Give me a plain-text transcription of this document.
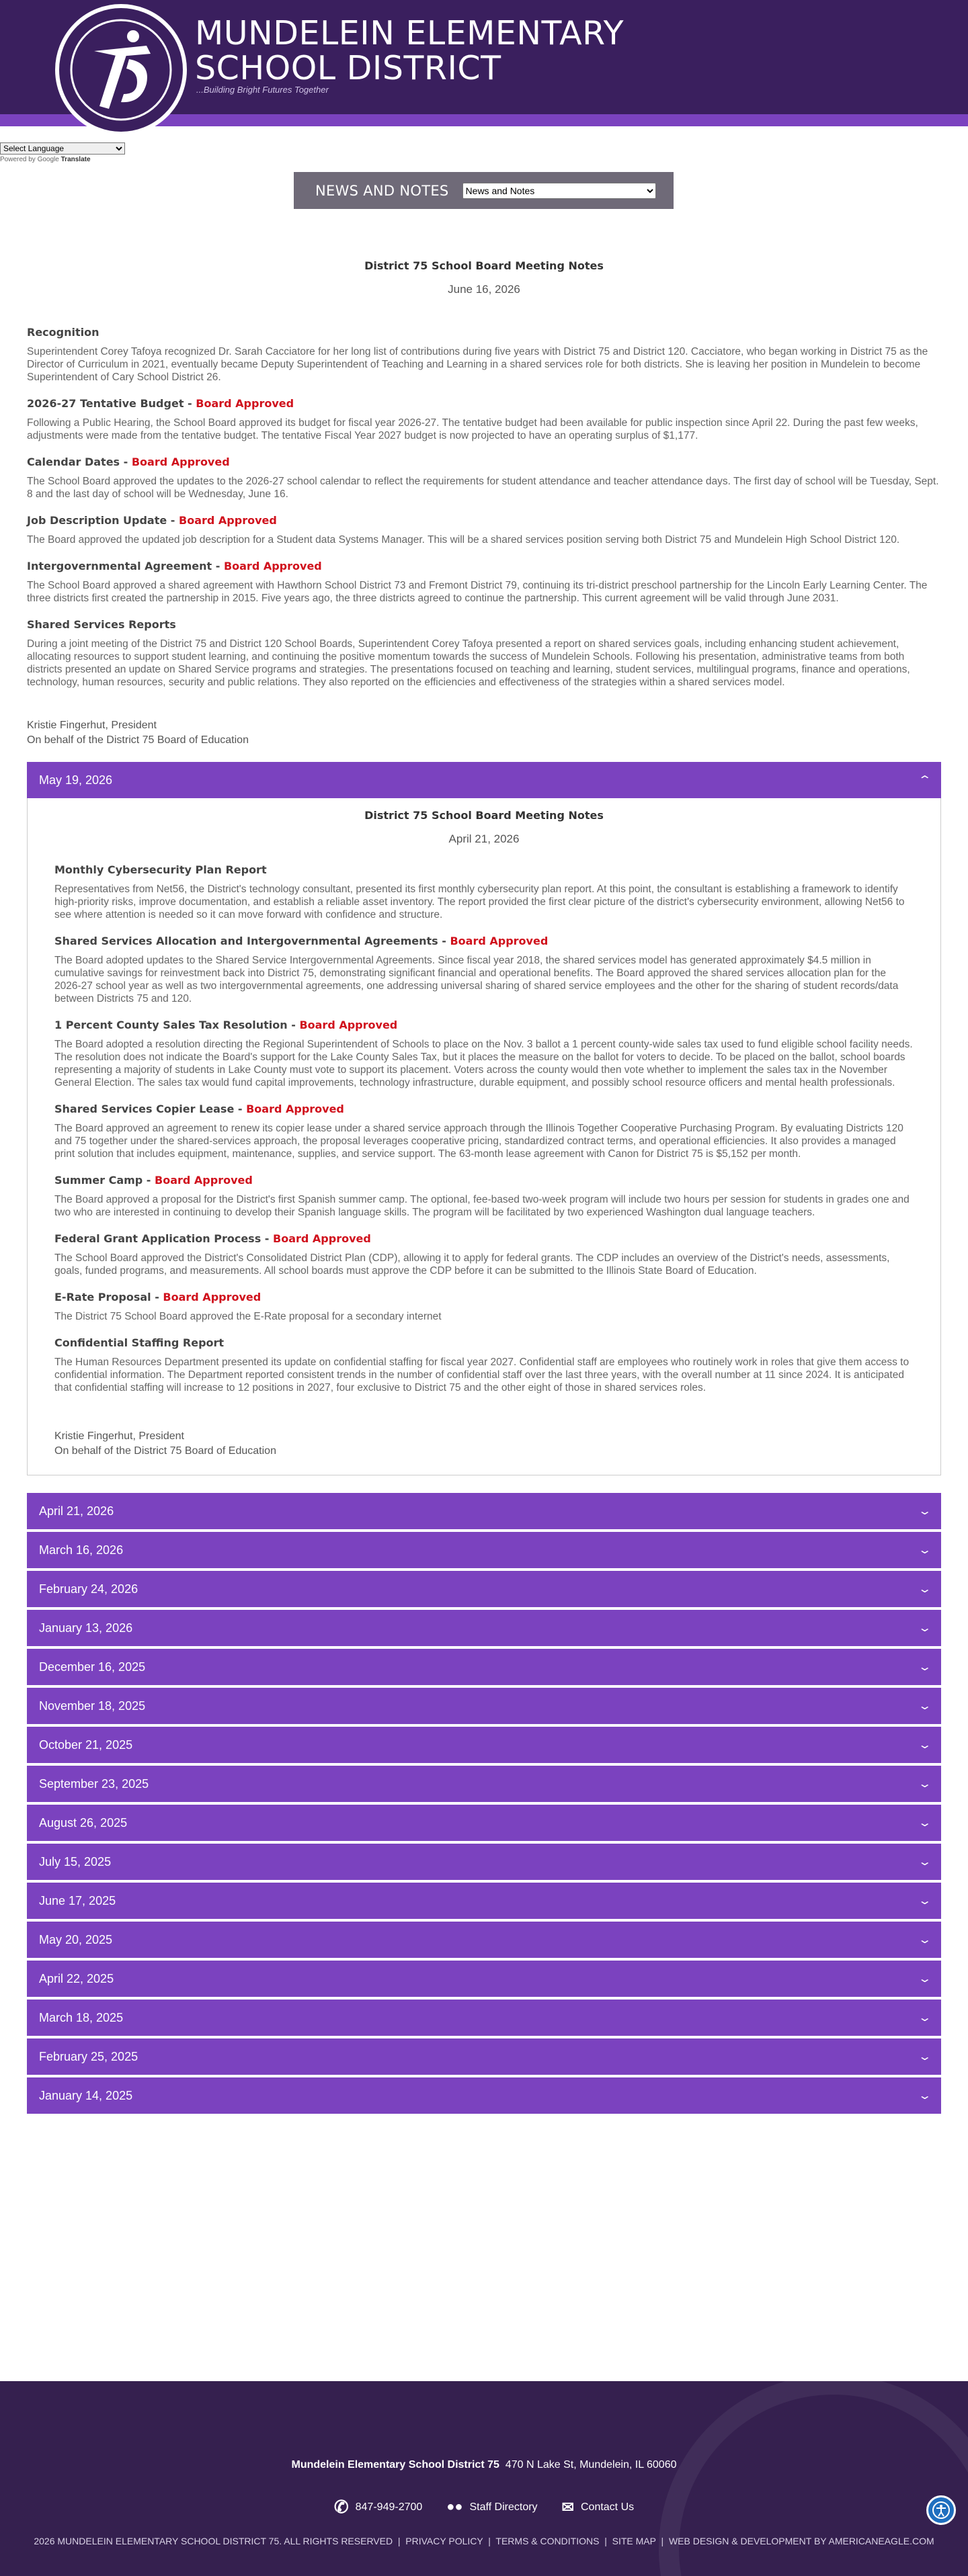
MUNDELEIN ELEMENTARY
SCHOOL DISTRICT
...Building Bright Futures Together
Select Language
Powered by Google Translate
NEWS AND NOTES
News and Notes
District 75 School Board Meeting Notes
June 16, 2026
Recognition

Superintendent Corey Tafoya recognized Dr. Sarah Cacciatore for her long list of contributions during five years with District 75 and District 120. Cacciatore, who began working in District 75 as the Director of Curriculum in 2021, eventually became Deputy Superintendent of Teaching and Learning in a shared services role for both districts. She is leaving her position in Mundelein to become Superintendent of Cary School District 26.

2026-27 Tentative Budget - Board Approved

Following a Public Hearing, the School Board approved its budget for fiscal year 2026-27. The tentative budget had been available for public inspection since April 22. During the past few weeks, adjustments were made from the tentative budget. The tentative Fiscal Year 2027 budget is now projected to have an operating surplus of $1,177.

Calendar Dates - Board Approved

The School Board approved the updates to the 2026-27 school calendar to reflect the requirements for student attendance and teacher attendance days. The first day of school will be Tuesday, Sept. 8 and the last day of school will be Wednesday, June 16.

Job Description Update - Board Approved

The Board approved the updated job description for a Student data Systems Manager. This will be a shared services position serving both District 75 and Mundelein High School District 120.

Intergovernmental Agreement - Board Approved

The School Board approved a shared agreement with Hawthorn School District 73 and Fremont District 79, continuing its tri-district preschool partnership for the Lincoln Early Learning Center. The three districts first created the partnership in 2015. Five years ago, the three districts agreed to continue the partnership. This current agreement will be valid through June 2031.

Shared Services Reports

During a joint meeting of the District 75 and District 120 School Boards, Superintendent Corey Tafoya presented a report on shared services goals, including enhancing student achievement, allocating resources to support student learning, and continuing the positive momentum towards the success of Mundelein Schools. Following his presentation, administrative teams from both districts presented an update on Shared Service programs and strategies. The presentations focused on teaching and learning, student services, multilingual programs, finance and operations, technology, human resources, security and public relations. They also reported on the efficiencies and effectiveness of the strategies within a shared services model.

Kristie Fingerhut, President
On behalf of the District 75 Board of Education
May 19, 2026	⌃
District 75 School Board Meeting Notes
April 21, 2026
Monthly Cybersecurity Plan Report

Representatives from Net56, the District's technology consultant, presented its first monthly cybersecurity plan report. At this point, the consultant is establishing a framework to identify high-priority risks, improve documentation, and establish a reliable asset inventory. The report provided the first clear picture of the district's cybersecurity environment, allowing Net56 to see where attention is needed so it can move forward with confidence and structure.

Shared Services Allocation and Intergovernmental Agreements - Board Approved

The Board adopted updates to the Shared Service Intergovernmental Agreements. Since fiscal year 2018, the shared services model has generated approximately $4.5 million in cumulative savings for reinvestment back into District 75, demonstrating significant financial and operational benefits. The Board approved the shared services allocation plan for the 2026-27 school year as well as two intergovernmental agreements, one addressing universal sharing of shared service employees and the other for the sharing of student records/data between Districts 75 and 120.

1 Percent County Sales Tax Resolution - Board Approved

The Board adopted a resolution directing the Regional Superintendent of Schools to place on the Nov. 3 ballot a 1 percent county-wide sales tax used to fund eligible school facility needs. The resolution does not indicate the Board's support for the Lake County Sales Tax, but it places the measure on the ballot for voters to decide. To be placed on the ballot, school boards representing a majority of students in Lake County must vote to support its placement. Voters across the county would then vote whether to implement the sales tax in the November General Election. The sales tax would fund capital improvements, technology infrastructure, durable equipment, and possibly school resource officers and mental health professionals.

Shared Services Copier Lease - Board Approved

The Board approved an agreement to renew its copier lease under a shared service approach through the Illinois Together Cooperative Purchasing Program. By evaluating Districts 120 and 75 together under the shared-services approach, the proposal leverages cooperative pricing, standardized contract terms, and operational efficiencies. It also provides a managed print solution that includes equipment, maintenance, supplies, and service support. The 63-month lease agreement with Canon for District 75 is $5,152 per month.

Summer Camp - Board Approved

The Board approved a proposal for the District's first Spanish summer camp. The optional, fee-based two-week program will include two hours per session for students in grades one and two who are interested in continuing to develop their Spanish language skills. The program will be facilitated by two experienced Washington dual language teachers.

Federal Grant Application Process - Board Approved

The School Board approved the District's Consolidated District Plan (CDP), allowing it to apply for federal grants. The CDP includes an overview of the District's needs, assessments, goals, funded programs, and measurements. All school boards must approve the CDP before it can be submitted to the Illinois State Board of Education.

E-Rate Proposal - Board Approved

The District 75 School Board approved the E-Rate proposal for a secondary internet

Confidential Staffing Report

The Human Resources Department presented its update on confidential staffing for fiscal year 2027. Confidential staff are employees who routinely work in roles that give them access to confidential information. The Department reported consistent trends in the number of confidential staff over the last three years, with the overall number at 11 since 2024. It is anticipated that confidential staffing will increase to 12 positions in 2027, four exclusive to District 75 and the other eight of those in shared services roles.

Kristie Fingerhut, President
On behalf of the District 75 Board of Education
April 21, 2026	⌄
March 16, 2026	⌄
February 24, 2026	⌄
January 13, 2026	⌄
December 16, 2025	⌄
November 18, 2025	⌄
October 21, 2025	⌄
September 23, 2025	⌄
August 26, 2025	⌄
July 15, 2025	⌄
June 17, 2025	⌄
May 20, 2025	⌄
April 22, 2025	⌄
March 18, 2025	⌄
February 25, 2025	⌄
January 14, 2025	⌄
Mundelein Elementary School District 75 470 N Lake St, Mundelein, IL 60060
✆ 847-949-2700 ●● Staff Directory ✉ Contact Us
2026 MUNDELEIN ELEMENTARY SCHOOL DISTRICT 75. ALL RIGHTS RESERVED  |  PRIVACY POLICY  |  TERMS & CONDITIONS  |  SITE MAP  |  WEB DESIGN & DEVELOPMENT BY AMERICANEAGLE.COM
